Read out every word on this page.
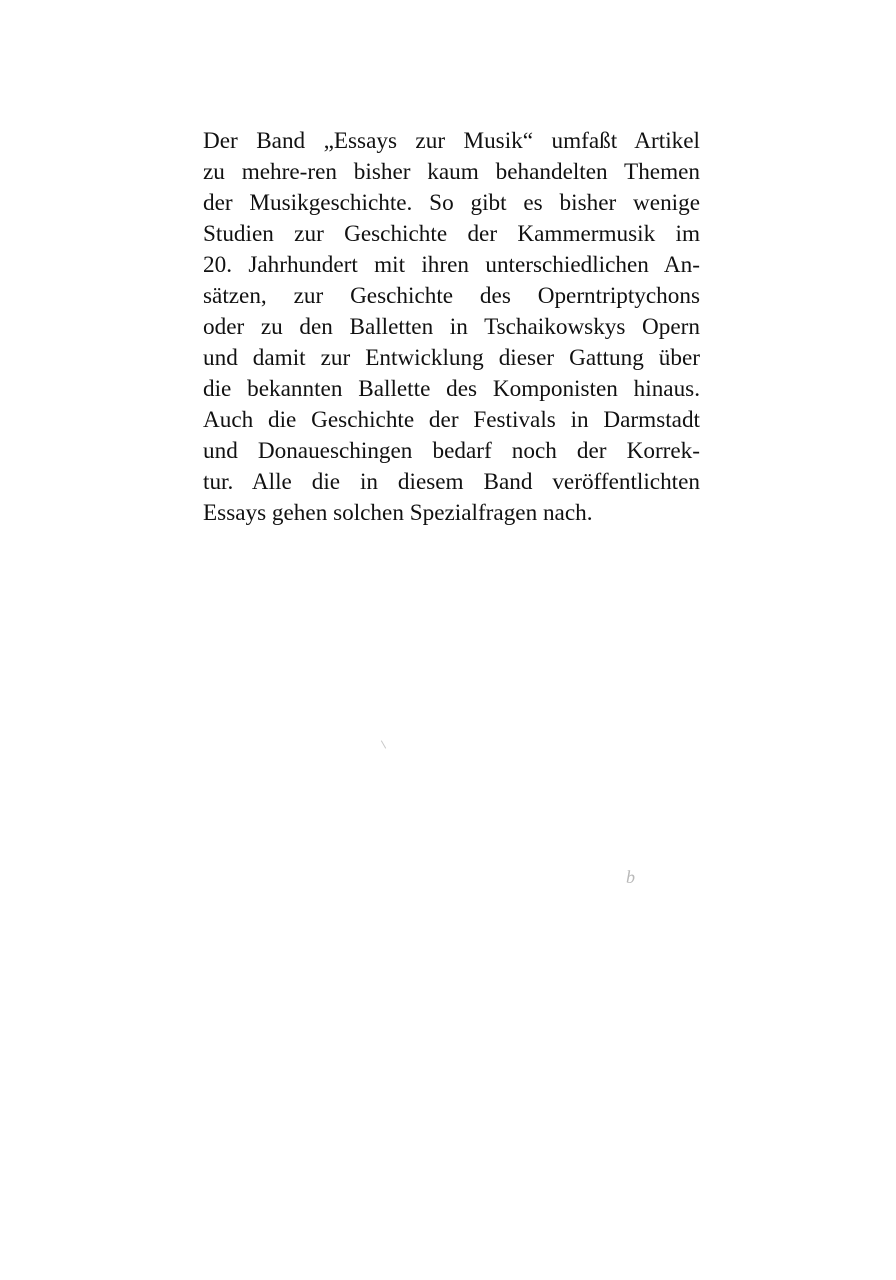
Der Band „Essays zur Musik“ umfaßt Artikel
zu mehre-ren bisher kaum behandelten Themen
der Musikgeschichte. So gibt es bisher wenige
Studien zur Geschichte der Kammermusik im
20. Jahrhundert mit ihren unterschiedlichen An-
sätzen, zur Geschichte des Operntriptychons
oder zu den Balletten in Tschaikowskys Opern
und damit zur Entwicklung dieser Gattung über
die bekannten Ballette des Komponisten hinaus.
Auch die Geschichte der Festivals in Darmstadt
und Donaueschingen bedarf noch der Korrek-
tur. Alle die in diesem Band veröffentlichten
Essays gehen solchen Spezialfragen nach.
b
